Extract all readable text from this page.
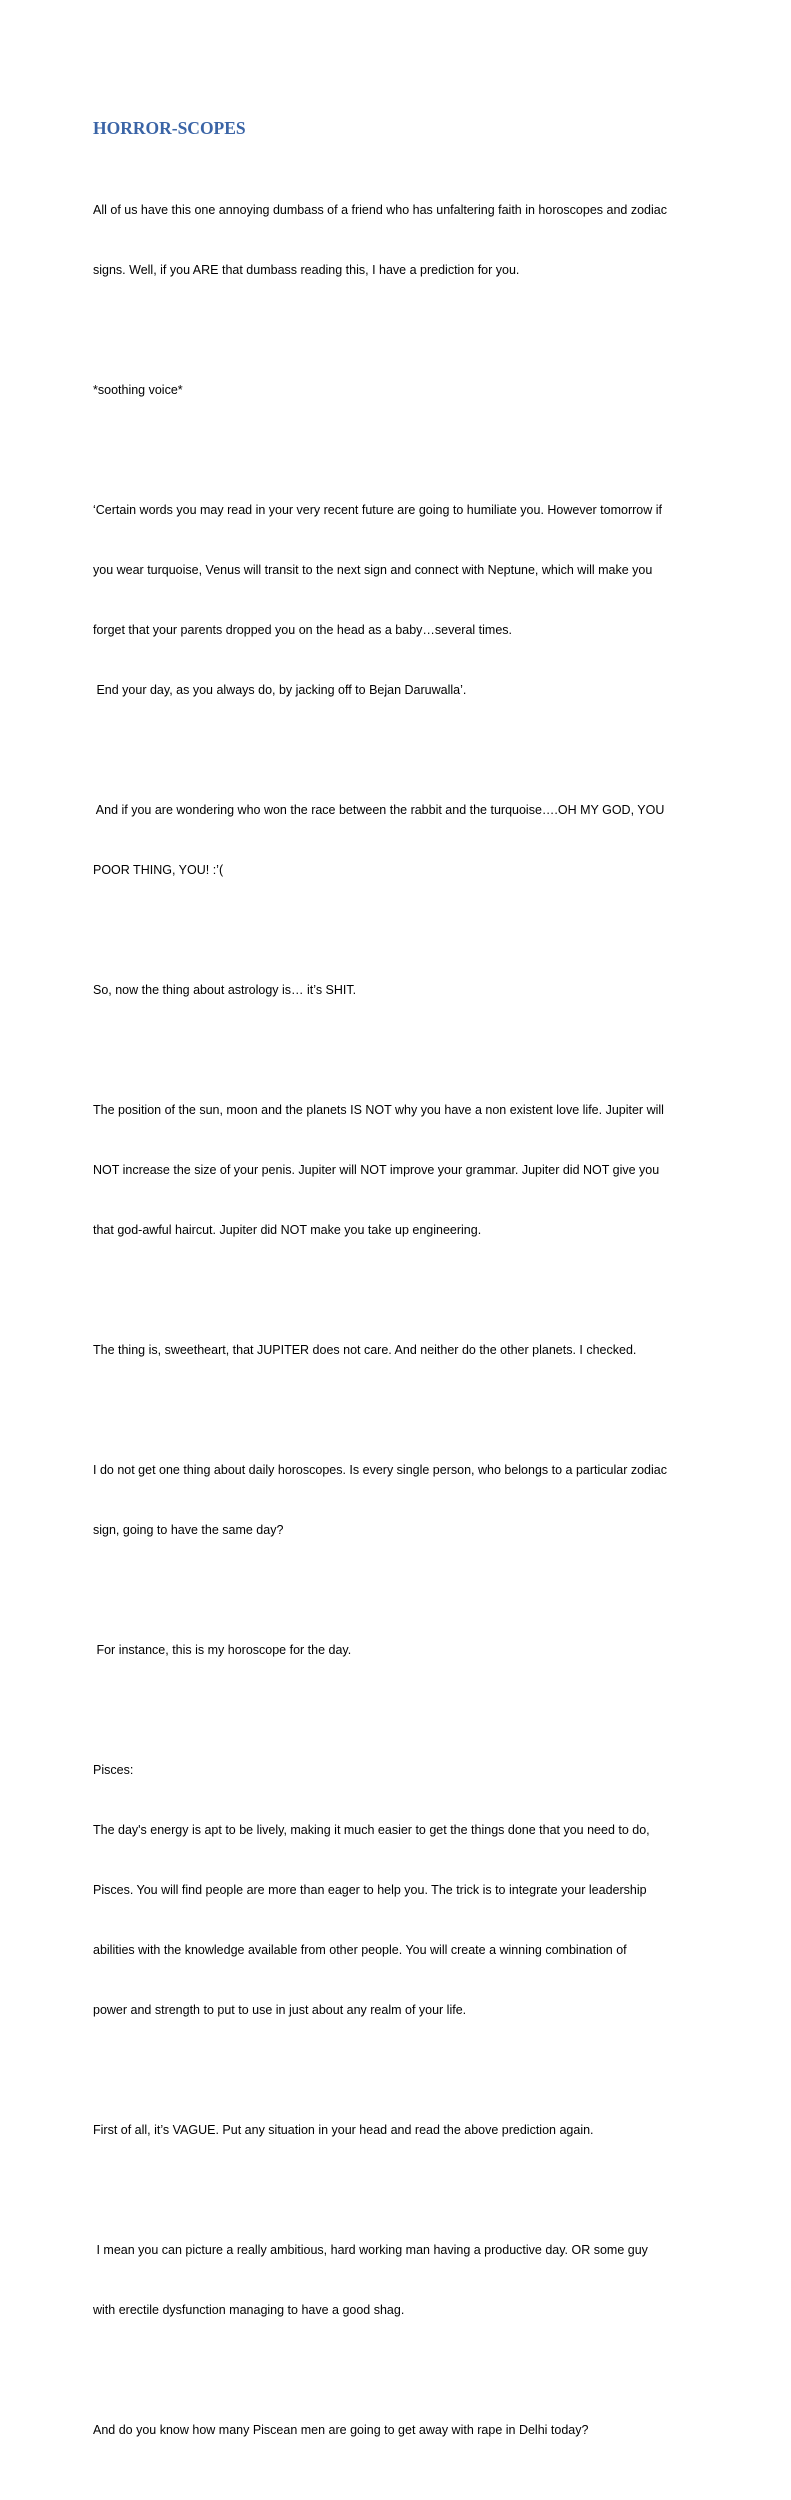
HORROR-SCOPES

All of us have this one annoying dumbass of a friend who has unfaltering faith in horoscopes and zodiac

signs. Well, if you ARE that dumbass reading this, I have a prediction for you.

*soothing voice*

‘Certain words you may read in your very recent future are going to humiliate you. However tomorrow if

you wear turquoise, Venus will transit to the next sign and connect with Neptune, which will make you

forget that your parents dropped you on the head as a baby…several times.

End your day, as you always do, by jacking off to Bejan Daruwalla’.

And if you are wondering who won the race between the rabbit and the turquoise….OH MY GOD, YOU

POOR THING, YOU! :’(

So, now the thing about astrology is… it’s SHIT.

The position of the sun, moon and the planets IS NOT why you have a non existent love life. Jupiter will

NOT increase the size of your penis. Jupiter will NOT improve your grammar. Jupiter did NOT give you

that god-awful haircut. Jupiter did NOT make you take up engineering.

The thing is, sweetheart, that JUPITER does not care. And neither do the other planets. I checked.

I do not get one thing about daily horoscopes. Is every single person, who belongs to a particular zodiac

sign, going to have the same day?

For instance, this is my horoscope for the day.

Pisces:

The day's energy is apt to be lively, making it much easier to get the things done that you need to do,

Pisces. You will find people are more than eager to help you. The trick is to integrate your leadership

abilities with the knowledge available from other people. You will create a winning combination of

power and strength to put to use in just about any realm of your life.

First of all, it’s VAGUE. Put any situation in your head and read the above prediction again.

I mean you can picture a really ambitious, hard working man having a productive day. OR some guy

with erectile dysfunction managing to have a good shag.

And do you know how many Piscean men are going to get away with rape in Delhi today?
